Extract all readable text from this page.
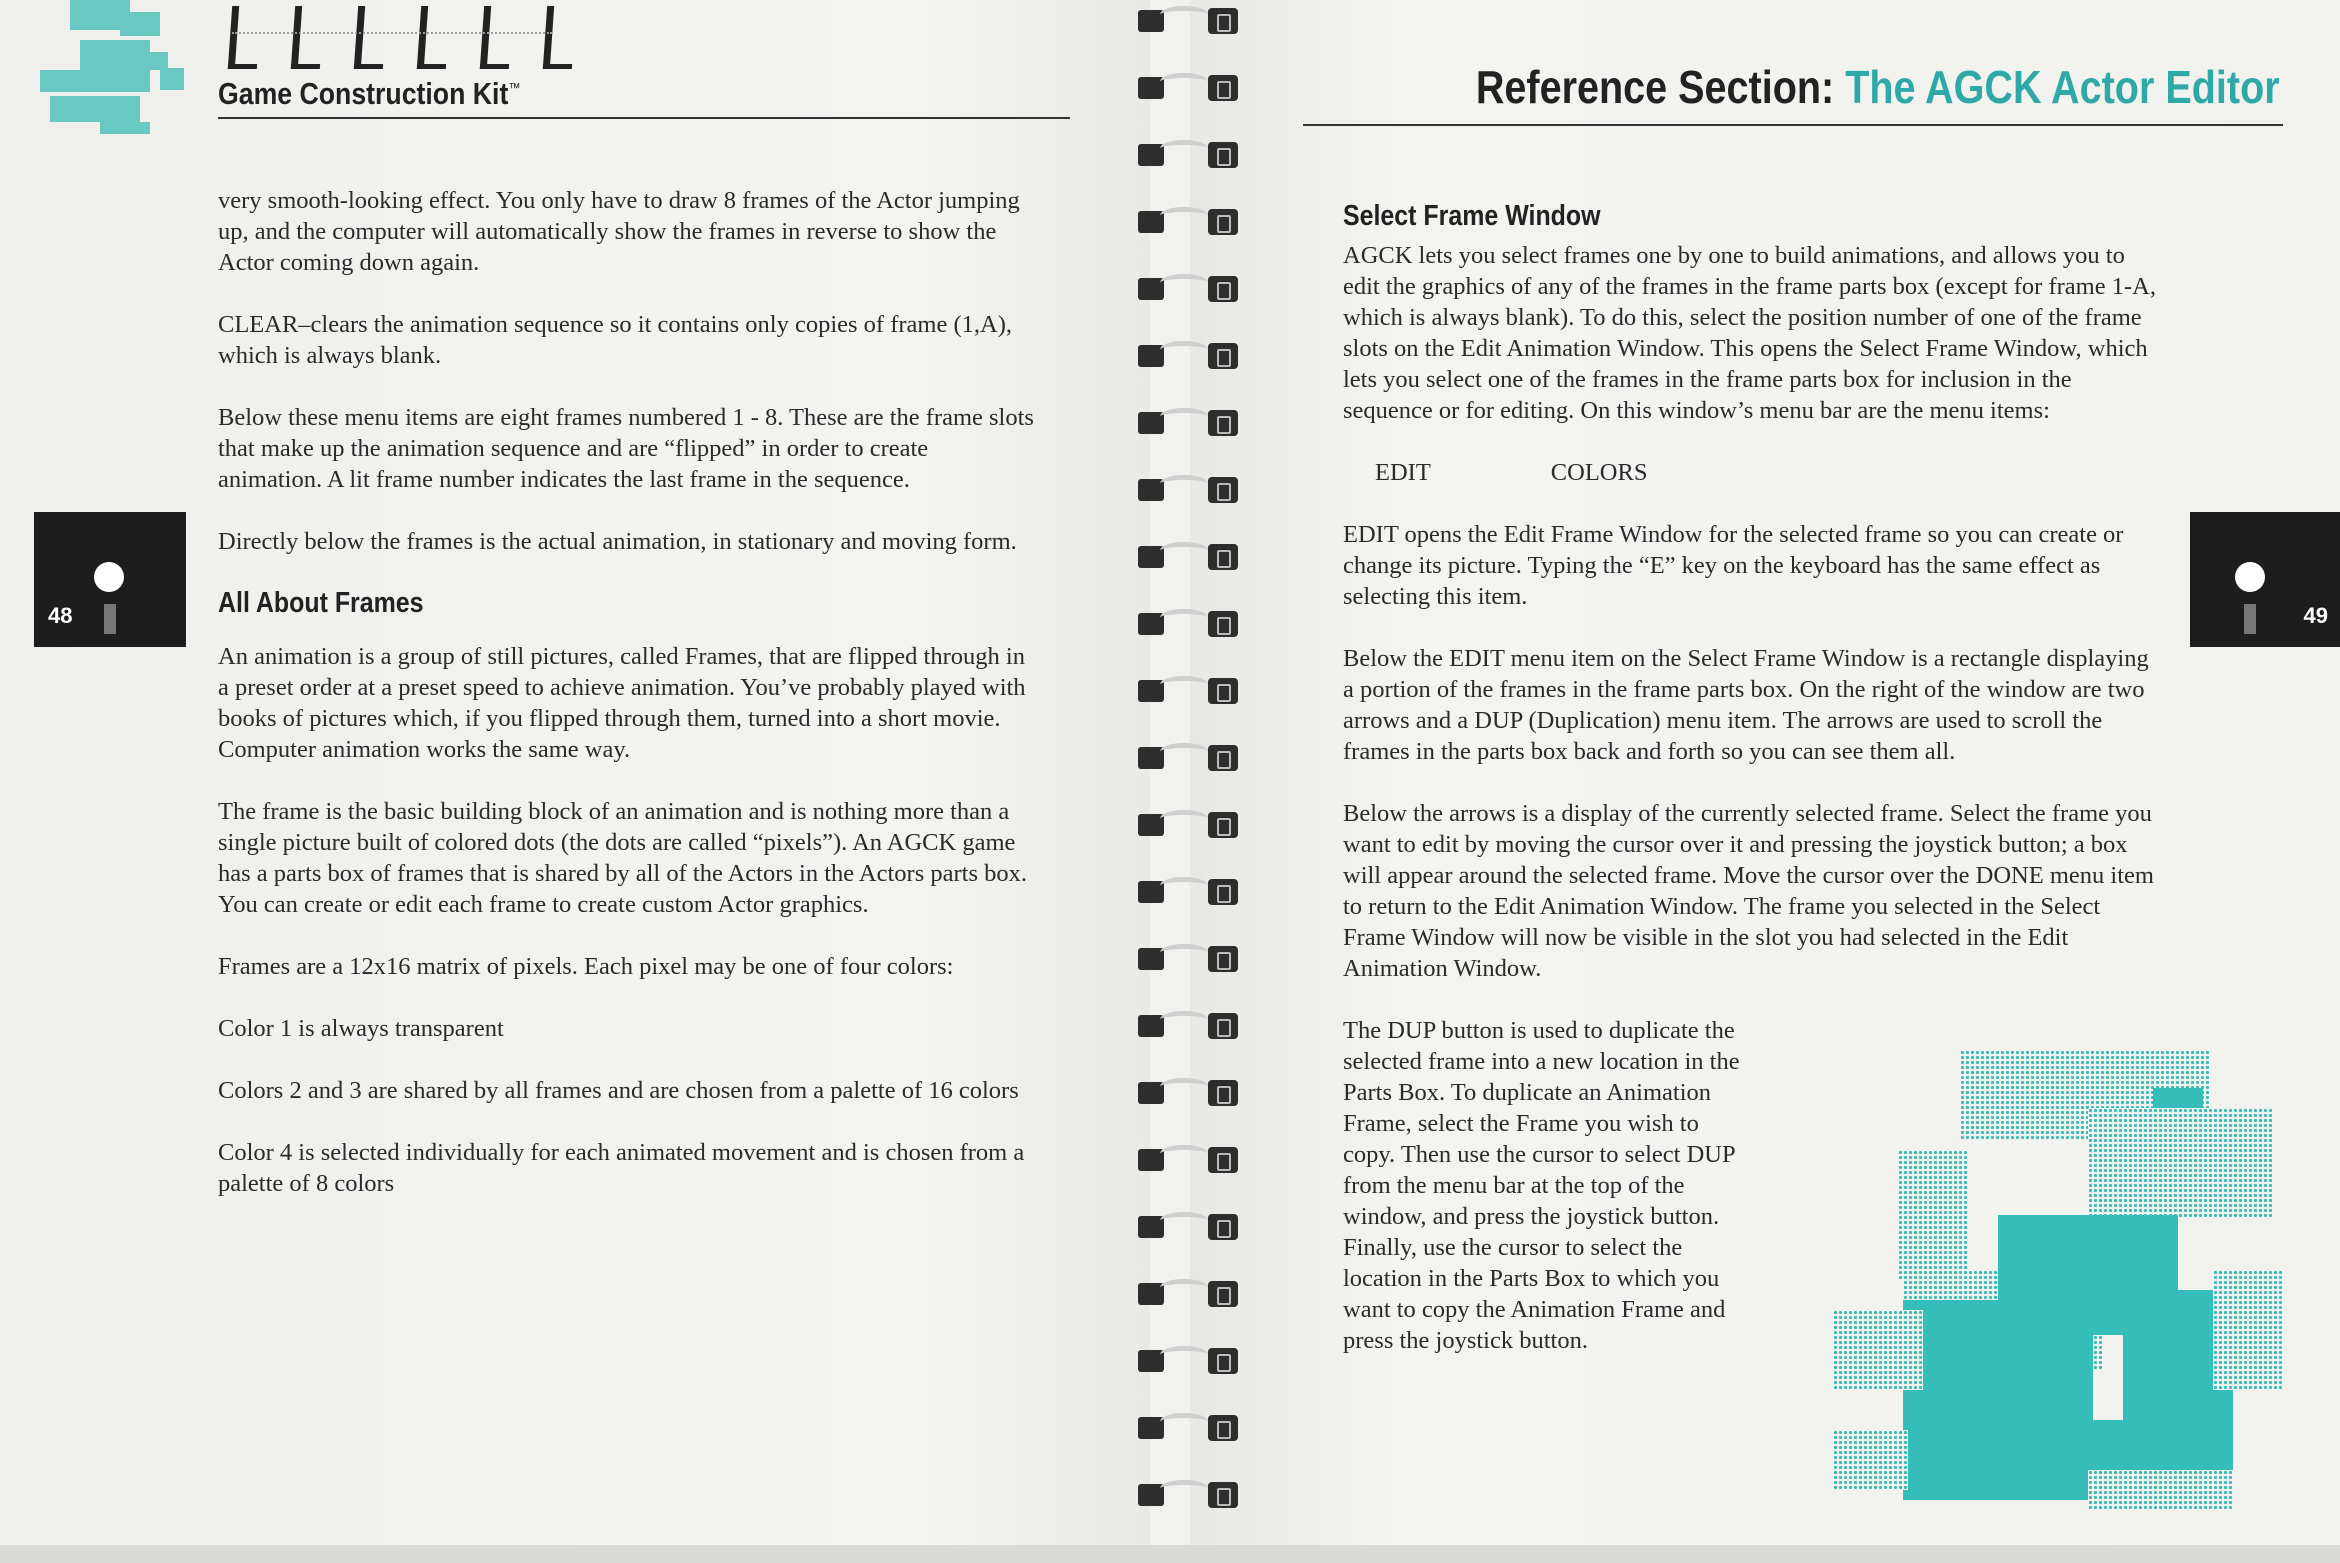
Game Construction Kit™
48

very smooth-looking effect. You only have to draw 8 frames of the Actor jumping up, and the computer will automatically show the frames in reverse to show the Actor coming down again.

CLEAR–clears the animation sequence so it contains only copies of frame (1,A), which is always blank.

Below these menu items are eight frames numbered 1 - 8. These are the frame slots that make up the animation sequence and are “flipped” in order to create animation. A lit frame number indicates the last frame in the sequence.

Directly below the frames is the actual animation, in stationary and moving form.

All About Frames

An animation is a group of still pictures, called Frames, that are flipped through in a preset order at a preset speed to achieve animation. You’ve probably played with books of pictures which, if you flipped through them, turned into a short movie. Computer animation works the same way.

The frame is the basic building block of an animation and is nothing more than a single picture built of colored dots (the dots are called “pixels”). An AGCK game has a parts box of frames that is shared by all of the Actors in the Actors parts box. You can create or edit each frame to create custom Actor graphics.

Frames are a 12x16 matrix of pixels. Each pixel may be one of four colors:

Color 1 is always transparent

Colors 2 and 3 are shared by all frames and are chosen from a palette of 16 colors

Color 4 is selected individually for each animated movement and is chosen from a palette of 8 colors

Reference Section: The AGCK Actor Editor
49
Select Frame Window

AGCK lets you select frames one by one to build animations, and allows you to edit the graphics of any of the frames in the frame parts box (except for frame 1-A, which is always blank). To do this, select the position number of one of the frame slots on the Edit Animation Window. This opens the Select Frame Window, which lets you select one of the frames in the frame parts box for inclusion in the sequence or for editing. On this window’s menu bar are the menu items:

EDIT	COLORS

EDIT opens the Edit Frame Window for the selected frame so you can create or change its picture. Typing the “E” key on the keyboard has the same effect as selecting this item.

Below the EDIT menu item on the Select Frame Window is a rectangle displaying a portion of the frames in the frame parts box. On the right of the window are two arrows and a DUP (Duplication) menu item. The arrows are used to scroll the frames in the parts box back and forth so you can see them all.

Below the arrows is a display of the currently selected frame. Select the frame you want to edit by moving the cursor over it and pressing the joystick button; a box will appear around the selected frame. Move the cursor over the DONE menu item to return to the Edit Animation Window. The frame you selected in the Select Frame Window will now be visible in the slot you had selected in the Edit Animation Window.

The DUP button is used to duplicate the
selected frame into a new location in the
Parts Box. To duplicate an Animation
Frame, select the Frame you wish to
copy. Then use the cursor to select DUP
from the menu bar at the top of the
window, and press the joystick button.
Finally, use the cursor to select the
location in the Parts Box to which you
want to copy the Animation Frame and
press the joystick button.
